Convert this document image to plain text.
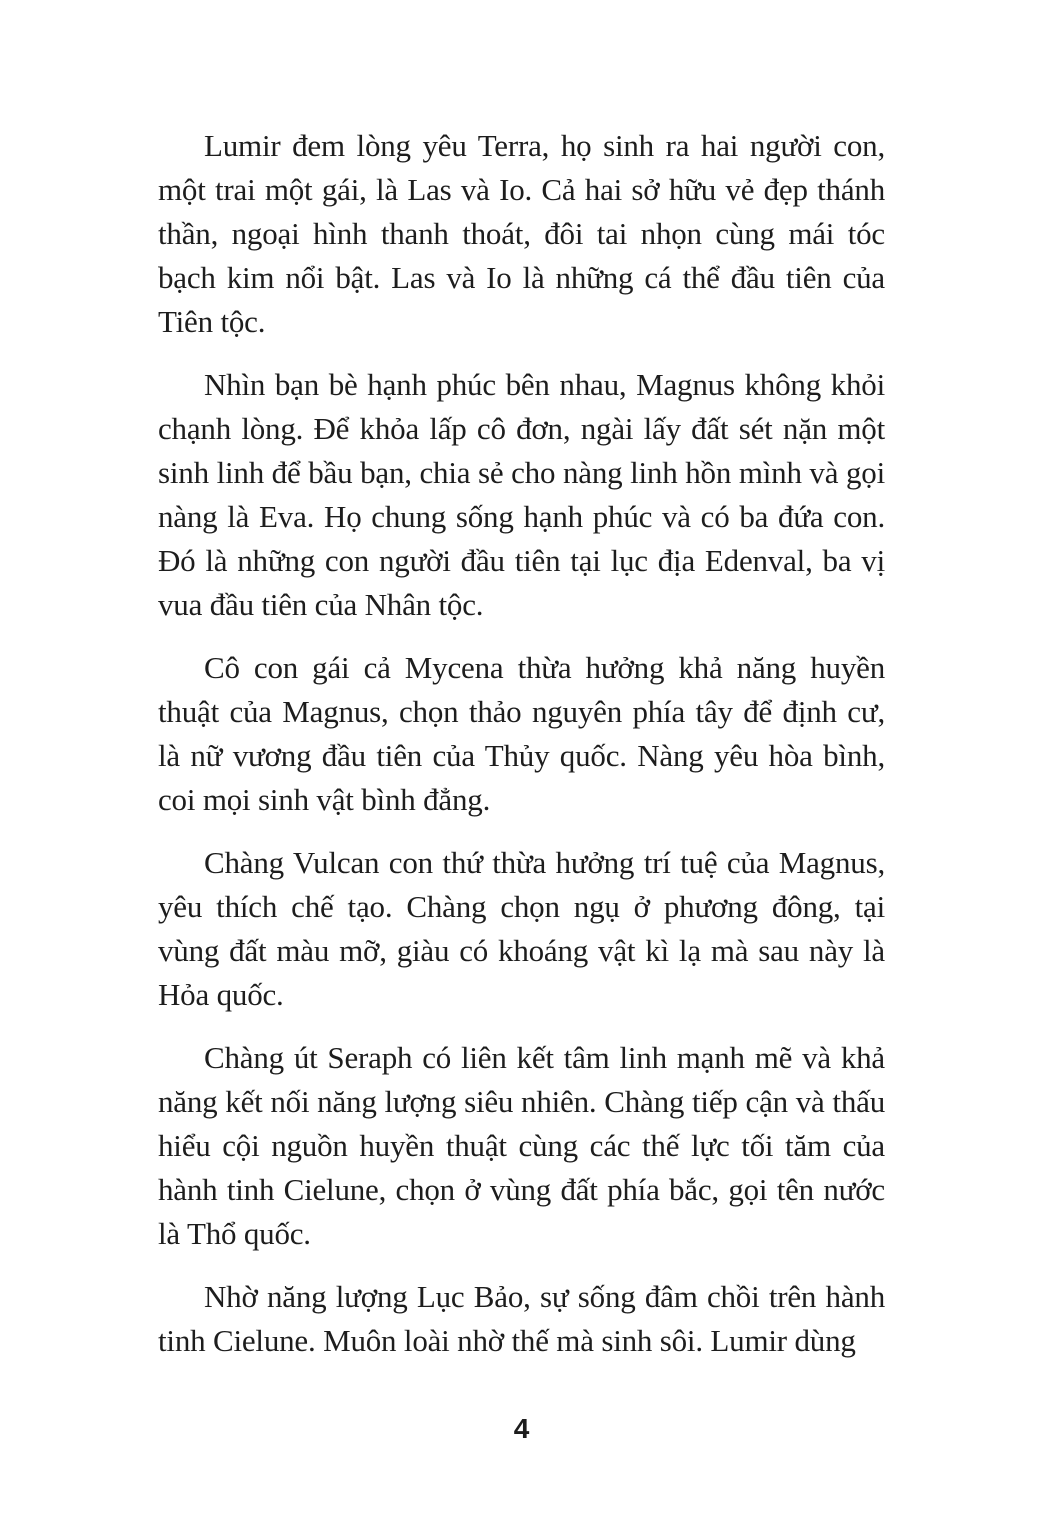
Lumir đem lòng yêu Terra, họ sinh ra hai người con, một trai một gái, là Las và Io. Cả hai sở hữu vẻ đẹp thánh thần, ngoại hình thanh thoát, đôi tai nhọn cùng mái tóc bạch kim nổi bật. Las và Io là những cá thể đầu tiên của Tiên tộc.

Nhìn bạn bè hạnh phúc bên nhau, Magnus không khỏi chạnh lòng. Để khỏa lấp cô đơn, ngài lấy đất sét nặn một sinh linh để bầu bạn, chia sẻ cho nàng linh hồn mình và gọi nàng là Eva. Họ chung sống hạnh phúc và có ba đứa con. Đó là những con người đầu tiên tại lục địa Edenval, ba vị vua đầu tiên của Nhân tộc.

Cô con gái cả Mycena thừa hưởng khả năng huyền thuật của Magnus, chọn thảo nguyên phía tây để định cư, là nữ vương đầu tiên của Thủy quốc. Nàng yêu hòa bình, coi mọi sinh vật bình đẳng.

Chàng Vulcan con thứ thừa hưởng trí tuệ của Magnus, yêu thích chế tạo. Chàng chọn ngụ ở phương đông, tại vùng đất màu mỡ, giàu có khoáng vật kì lạ mà sau này là Hỏa quốc.

Chàng út Seraph có liên kết tâm linh mạnh mẽ và khả năng kết nối năng lượng siêu nhiên. Chàng tiếp cận và thấu hiểu cội nguồn huyền thuật cùng các thế lực tối tăm của hành tinh Cielune, chọn ở vùng đất phía bắc, gọi tên nước là Thổ quốc.

Nhờ năng lượng Lục Bảo, sự sống đâm chồi trên hành tinh Cielune. Muôn loài nhờ thế mà sinh sôi. Lumir dùng

4
